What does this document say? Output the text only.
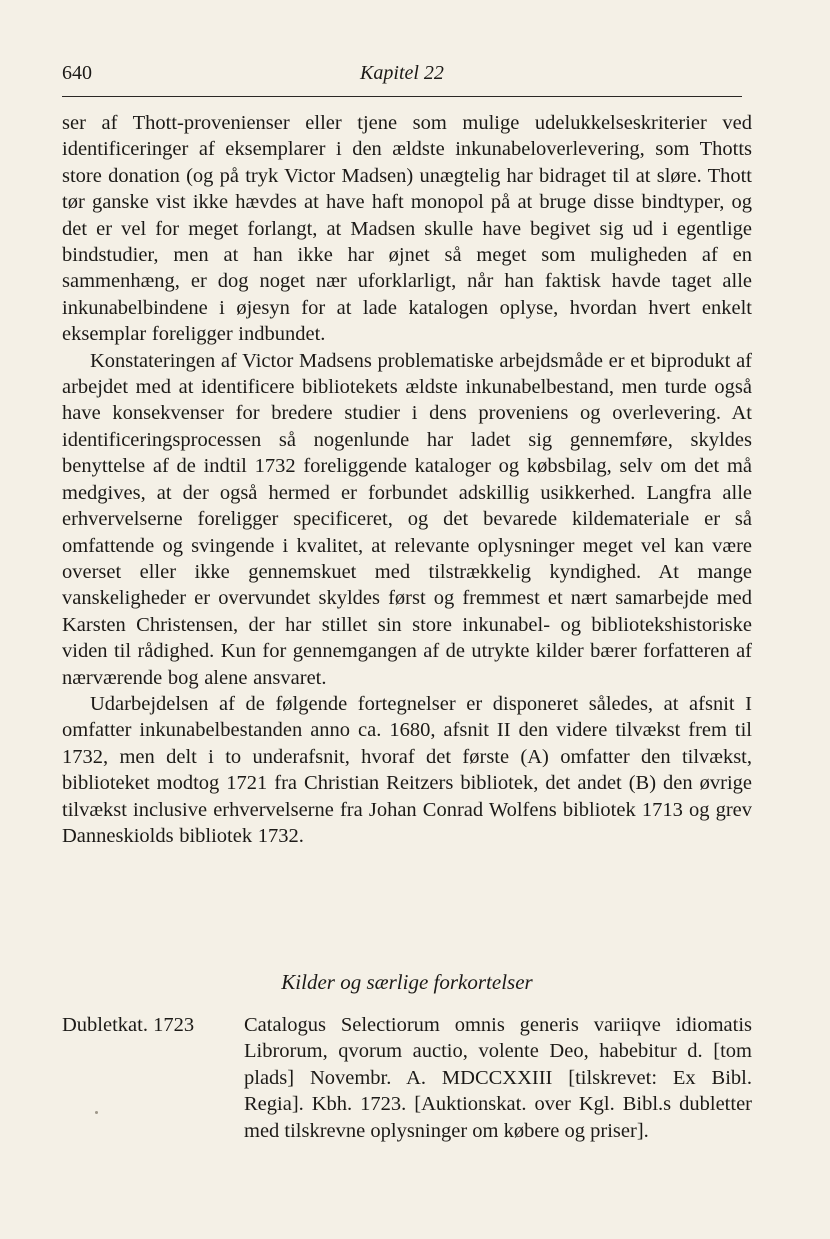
640	Kapitel 22

ser af Thott-provenienser eller tjene som mulige udelukkelseskriterier ved identificeringer af eksemplarer i den ældste inkunabeloverlevering, som Thotts store donation (og på tryk Victor Madsen) unægtelig har bidraget til at sløre. Thott tør ganske vist ikke hævdes at have haft monopol på at bruge disse bindtyper, og det er vel for meget forlangt, at Madsen skulle have begivet sig ud i egentlige bindstudier, men at han ikke har øjnet så meget som muligheden af en sammenhæng, er dog noget nær uforklarligt, når han faktisk havde taget alle inkunabelbindene i øjesyn for at lade katalogen oplyse, hvordan hvert enkelt eksemplar foreligger indbundet.

Konstateringen af Victor Madsens problematiske arbejdsmåde er et biprodukt af arbejdet med at identificere bibliotekets ældste inkunabelbestand, men turde også have konsekvenser for bredere studier i dens proveniens og overlevering. At identificeringsprocessen så nogenlunde har ladet sig gennemføre, skyldes benyttelse af de indtil 1732 foreliggende kataloger og købsbilag, selv om det må medgives, at der også hermed er forbundet adskillig usikkerhed. Langfra alle erhvervelserne foreligger specificeret, og det bevarede kildemateriale er så omfattende og svingende i kvalitet, at relevante oplysninger meget vel kan være overset eller ikke gennemskuet med tilstrækkelig kyndighed. At mange vanskeligheder er overvundet skyldes først og fremmest et nært samarbejde med Karsten Christensen, der har stillet sin store inkunabel- og bibliotekshistoriske viden til rådighed. Kun for gennemgangen af de utrykte kilder bærer forfatteren af nærværende bog alene ansvaret.

Udarbejdelsen af de følgende fortegnelser er disponeret således, at afsnit I omfatter inkunabelbestanden anno ca. 1680, afsnit II den videre tilvækst frem til 1732, men delt i to underafsnit, hvoraf det første (A) omfatter den tilvækst, biblioteket modtog 1721 fra Christian Reitzers bibliotek, det andet (B) den øvrige tilvækst inclusive erhvervelserne fra Johan Conrad Wolfens bibliotek 1713 og grev Danneskiolds bibliotek 1732.

Kilder og særlige forkortelser
Dubletkat. 1723 Catalogus Selectiorum omnis generis variiqve idiomatis Librorum, qvorum auctio, volente Deo, habebitur d. [tom plads] Novembr. A. MDCCXXIII [tilskrevet: Ex Bibl. Regia]. Kbh. 1723. [Auktionskat. over Kgl. Bibl.s dubletter med tilskrevne oplysninger om købere og priser].
